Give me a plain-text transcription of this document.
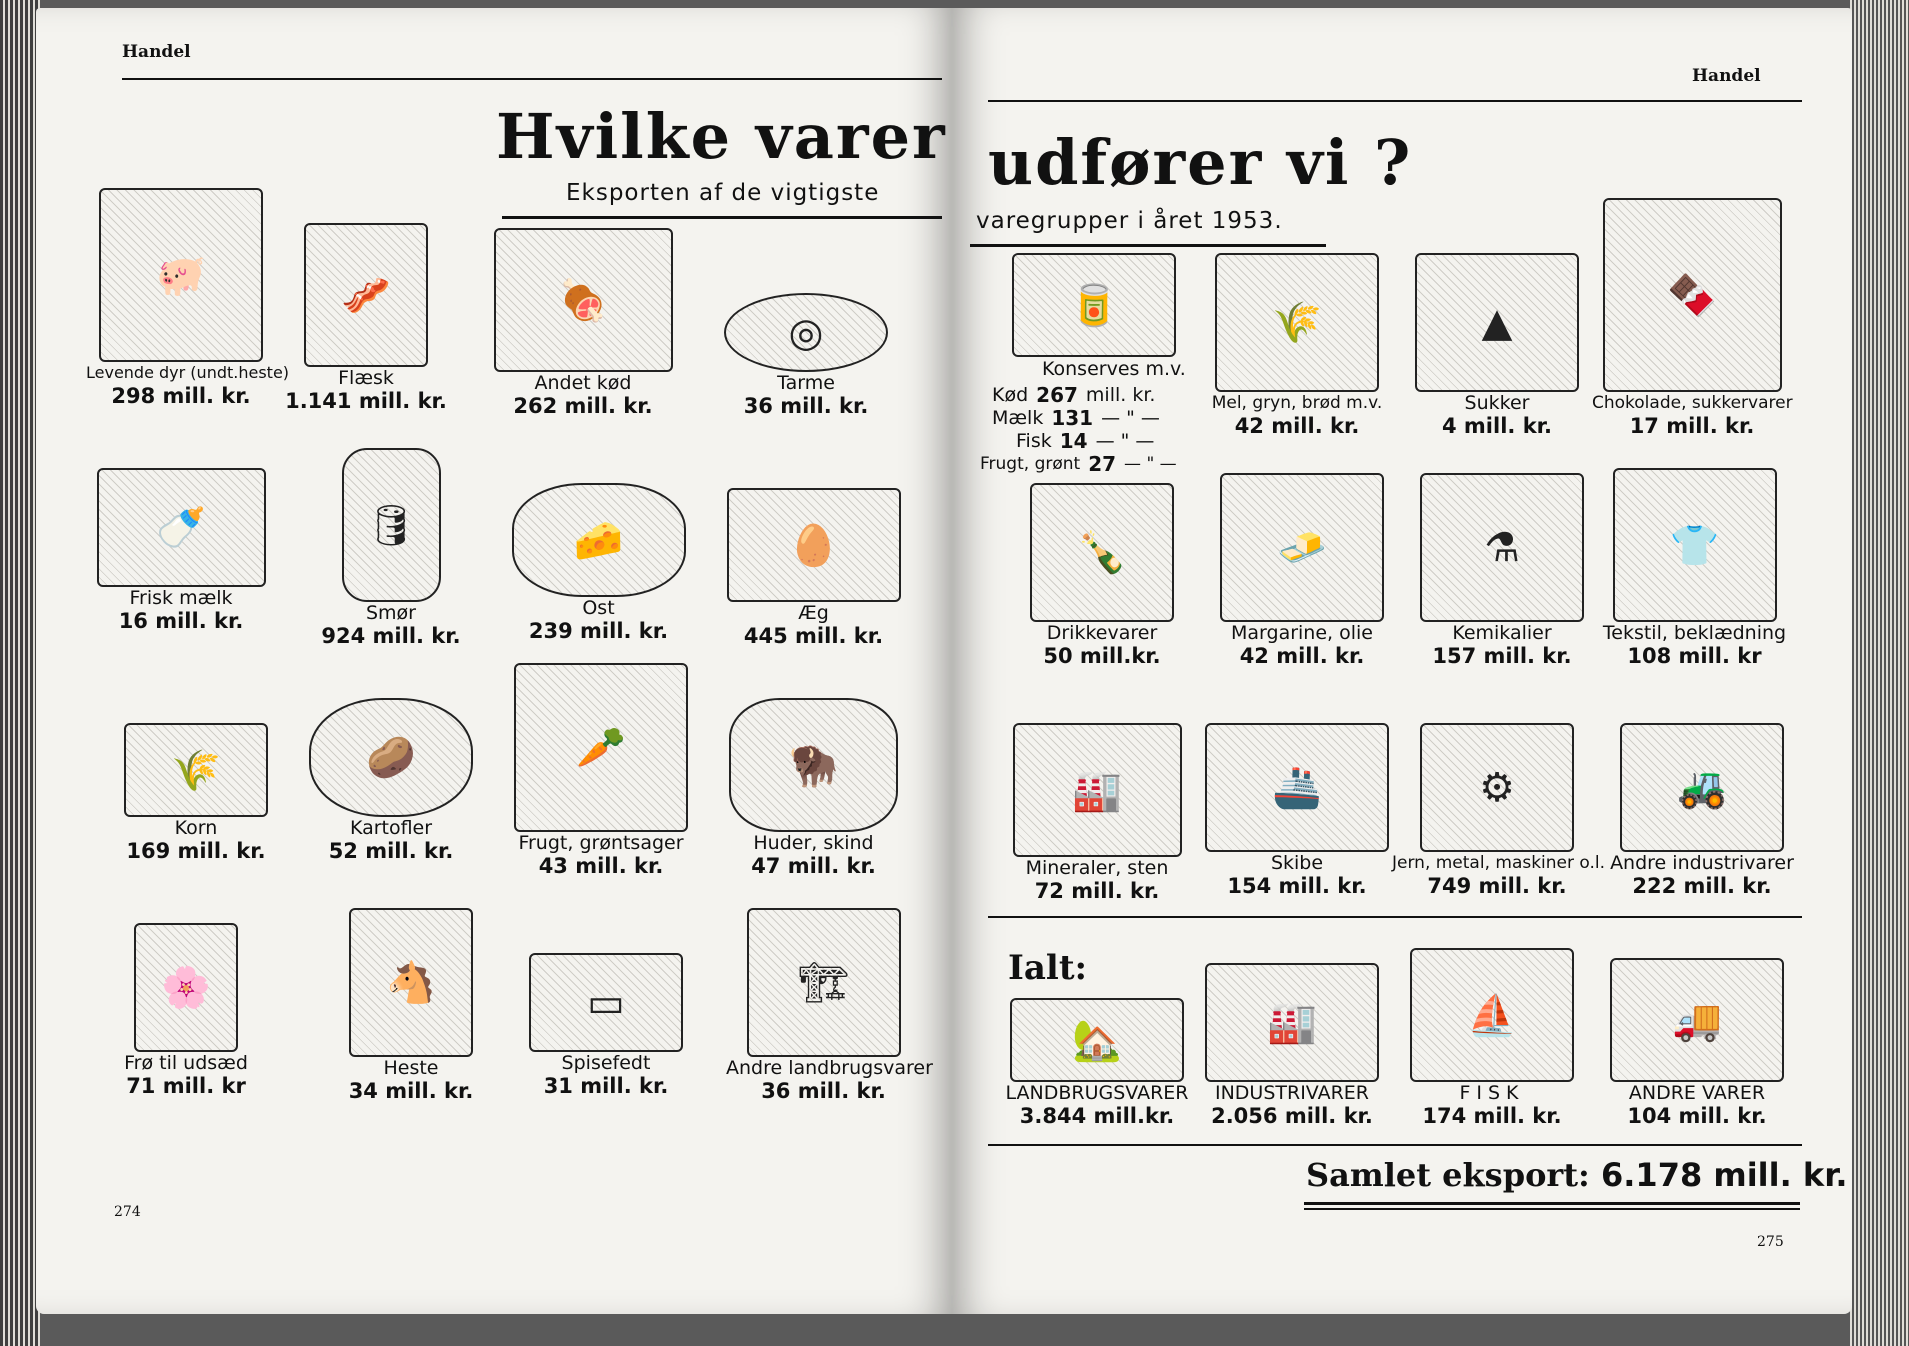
Handel
Hvilke varer
Eksporten af de vigtigste
🐖
Levende dyr (undt.heste)
298 mill. kr.
🥓
Flæsk
1.141 mill. kr.
🍖
Andet kød
262 mill. kr.
◎
Tarme
36 mill. kr.
🍼
Frisk mælk
16 mill. kr.
🛢
Smør
924 mill. kr.
🧀
Ost
239 mill. kr.
🥚
Æg
445 mill. kr.
🌾
Korn
169 mill. kr.
🥔
Kartofler
52 mill. kr.
🥕
Frugt, grøntsager
43 mill. kr.
🦬
Huder, skind
47 mill. kr.
🌸
Frø til udsæd
71 mill. kr
🐴
Heste
34 mill. kr.
▭
Spisefedt
31 mill. kr.
🏗
Andre landbrugsvarer
36 mill. kr.
274
Handel
udfører vi ?
varegrupper i året 1953.
🥫
Konserves m.v.
Kød 267 mill. kr.
Mælk 131 — " —
Fisk 14 — " —
Frugt, grønt 27 — " —
🌾
Mel, gryn, brød m.v.
42 mill. kr.
▲
Sukker
4 mill. kr.
🍫
Chokolade, sukkervarer
17 mill. kr.
🍾
Drikkevarer
50 mill.kr.
🧈
Margarine, olie
42 mill. kr.
⚗
Kemikalier
157 mill. kr.
👕
Tekstil, beklædning
108 mill. kr
🏭
Mineraler, sten
72 mill. kr.
🚢
Skibe
154 mill. kr.
⚙
Jern, metal, maskiner o.l.
749 mill. kr.
🚜
Andre industrivarer
222 mill. kr.
Ialt:
🏡
LANDBRUGSVARER
3.844 mill.kr.
🏭
INDUSTRIVARER
2.056 mill. kr.
⛵
FISK
174 mill. kr.
🚚
ANDRE VARER
104 mill. kr.
Samlet eksport: 6.178 mill. kr.
275
